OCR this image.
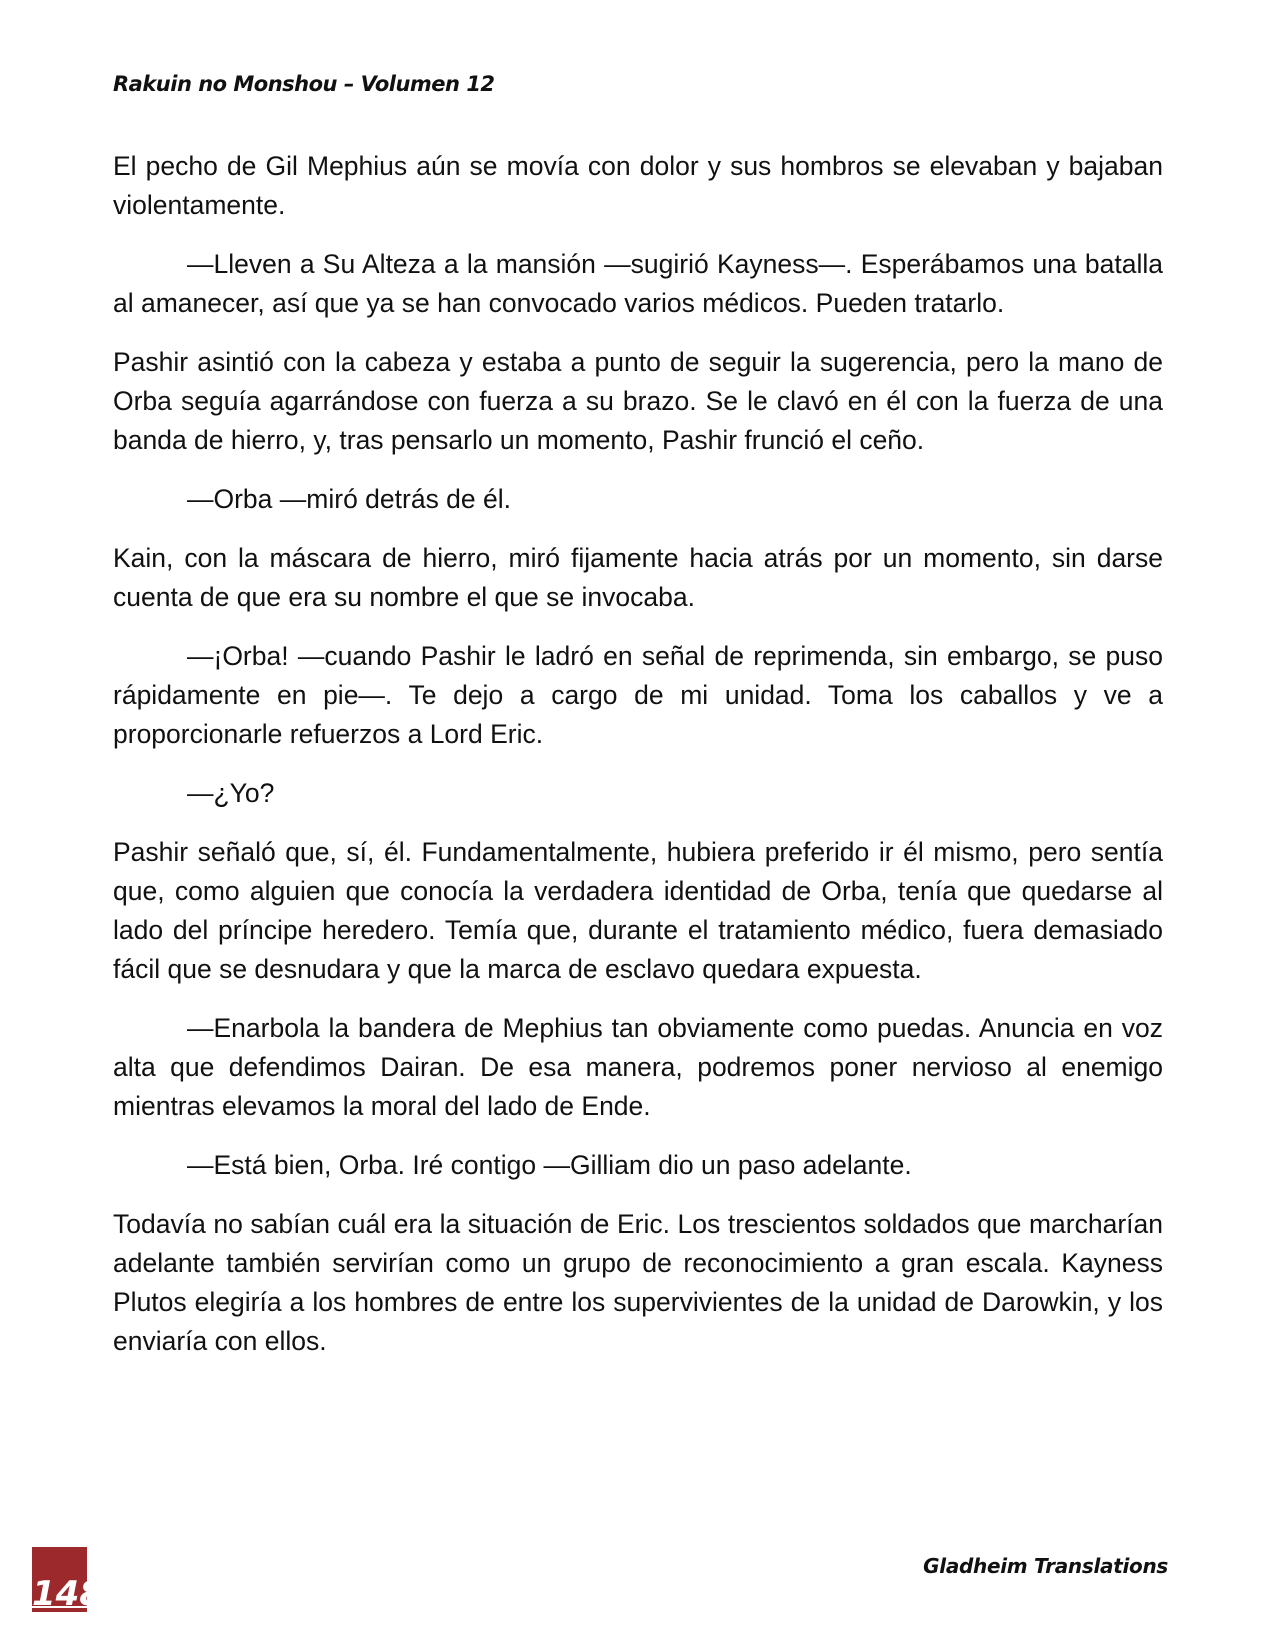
Rakuin no Monshou – Volumen 12

El pecho de Gil Mephius aún se movía con dolor y sus hombros se elevaban y bajaban violentamente.

—Lleven a Su Alteza a la mansión —sugirió Kayness—. Esperábamos una batalla al amanecer, así que ya se han convocado varios médicos. Pueden tratarlo.

Pashir asintió con la cabeza y estaba a punto de seguir la sugerencia, pero la mano de Orba seguía agarrándose con fuerza a su brazo. Se le clavó en él con la fuerza de una banda de hierro, y, tras pensarlo un momento, Pashir frunció el ceño.

—Orba —miró detrás de él.

Kain, con la máscara de hierro, miró fijamente hacia atrás por un momento, sin darse cuenta de que era su nombre el que se invocaba.

—¡Orba! —cuando Pashir le ladró en señal de reprimenda, sin embargo, se puso rápidamente en pie—. Te dejo a cargo de mi unidad. Toma los caballos y ve a proporcionarle refuerzos a Lord Eric.

—¿Yo?

Pashir señaló que, sí, él. Fundamentalmente, hubiera preferido ir él mismo, pero sentía que, como alguien que conocía la verdadera identidad de Orba, tenía que quedarse al lado del príncipe heredero. Temía que, durante el tratamiento médico, fuera demasiado fácil que se desnudara y que la marca de esclavo quedara expuesta.

—Enarbola la bandera de Mephius tan obviamente como puedas. Anuncia en voz alta que defendimos Dairan. De esa manera, podremos poner nervioso al enemigo mientras elevamos la moral del lado de Ende.

—Está bien, Orba. Iré contigo —Gilliam dio un paso adelante.

Todavía no sabían cuál era la situación de Eric. Los trescientos soldados que marcharían adelante también servirían como un grupo de reconocimiento a gran escala. Kayness Plutos elegiría a los hombres de entre los supervivientes de la unidad de Darowkin, y los enviaría con ellos.

148
Gladheim Translations
